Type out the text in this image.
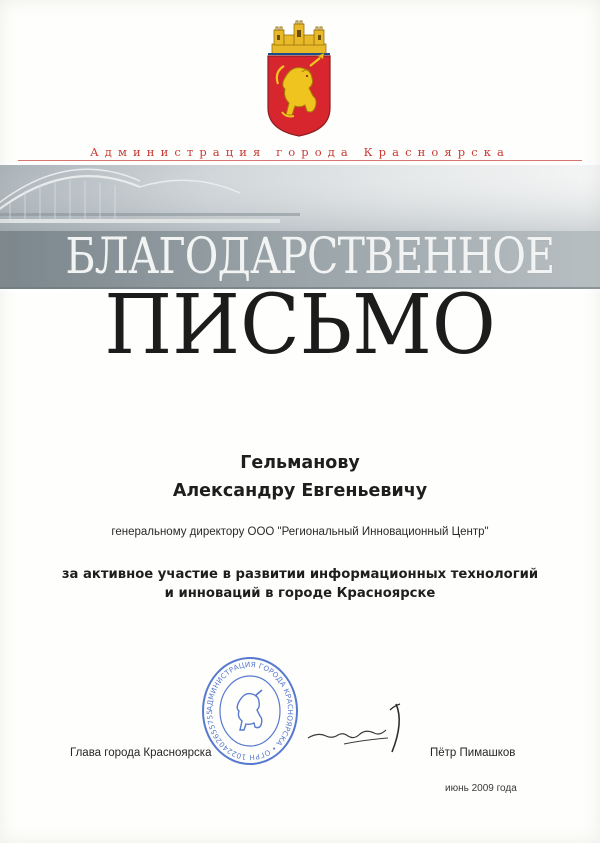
Администрация города Красноярска
БЛАГОДАРСТВЕННОЕ
ПИСЬМО
Гельманову
Александру Евгеньевичу
генеральному директору ООО "Региональный Инновационный Центр"
за активное участие в развитии информационных технологий
и инноваций в городе Красноярске
АДМИНИСТРАЦИЯ ГОРОДА КРАСНОЯРСКА • ОГРН 1022402655755
Глава города Красноярска	Пётр Пимашков
июнь 2009 года
